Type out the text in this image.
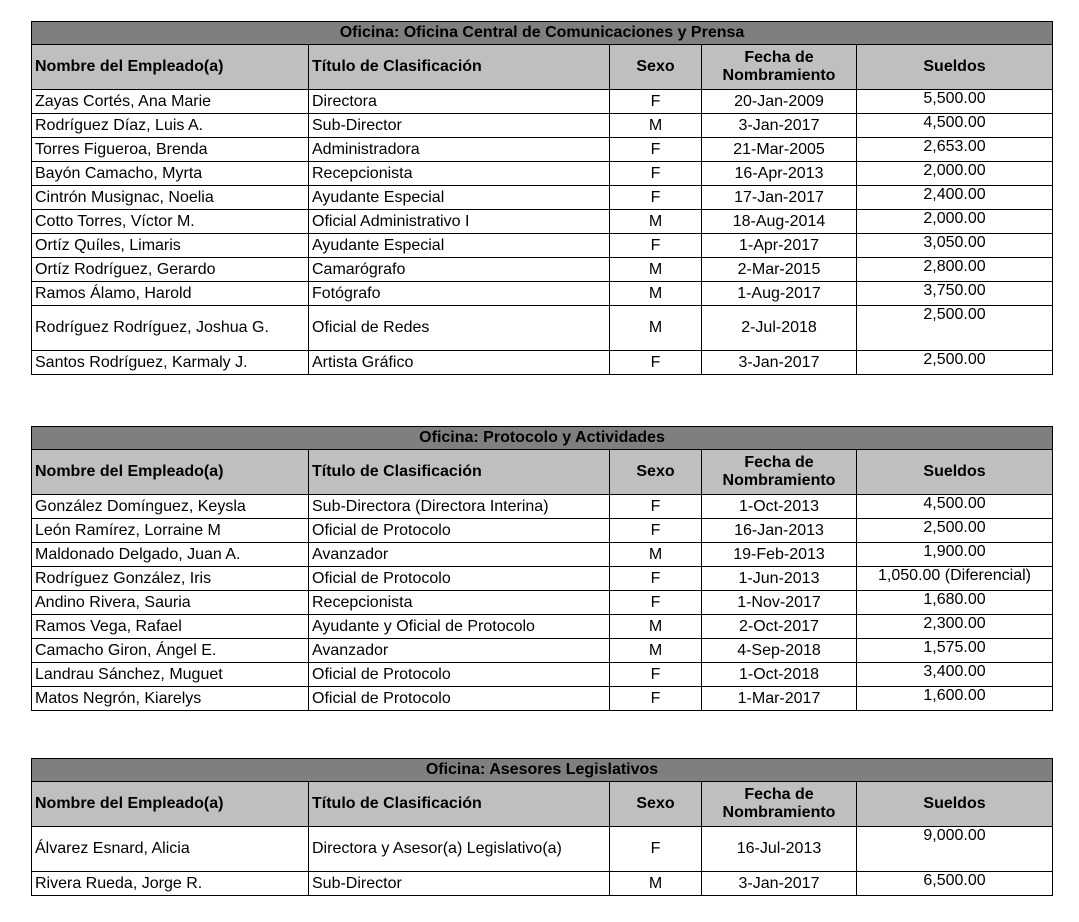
Oficina: Oficina Central de Comunicaciones y Prensa				
Nombre del Empleado(a)	Título de Clasificación	Sexo	Fecha de
Nombramiento	Sueldos
Zayas Cortés, Ana Marie	Directora	F	20-Jan-2009	5,500.00
Rodríguez Díaz, Luis A.	Sub-Director	M	3-Jan-2017	4,500.00
Torres Figueroa, Brenda	Administradora	F	21-Mar-2005	2,653.00
Bayón Camacho, Myrta	Recepcionista	F	16-Apr-2013	2,000.00
Cintrón Musignac, Noelia	Ayudante Especial	F	17-Jan-2017	2,400.00
Cotto Torres, Víctor M.	Oficial Administrativo I	M	18-Aug-2014	2,000.00
Ortíz Quíles, Limaris	Ayudante Especial	F	1-Apr-2017	3,050.00
Ortíz Rodríguez, Gerardo	Camarógrafo	M	2-Mar-2015	2,800.00
Ramos Álamo, Harold	Fotógrafo	M	1-Aug-2017	3,750.00
Rodríguez Rodríguez, Joshua G.	Oficial de Redes	M	2-Jul-2018	2,500.00
Santos Rodríguez, Karmaly J.	Artista Gráfico	F	3-Jan-2017	2,500.00
Oficina: Protocolo y Actividades				
Nombre del Empleado(a)	Título de Clasificación	Sexo	Fecha de
Nombramiento	Sueldos
González Domínguez, Keysla	Sub-Directora (Directora Interina)	F	1-Oct-2013	4,500.00
León Ramírez, Lorraine M	Oficial de Protocolo	F	16-Jan-2013	2,500.00
Maldonado Delgado, Juan A.	Avanzador	M	19-Feb-2013	1,900.00
Rodríguez González, Iris	Oficial de Protocolo	F	1-Jun-2013	1,050.00 (Diferencial)
Andino Rivera, Sauria	Recepcionista	F	1-Nov-2017	1,680.00
Ramos Vega, Rafael	Ayudante y Oficial de Protocolo	M	2-Oct-2017	2,300.00
Camacho Giron, Ángel E.	Avanzador	M	4-Sep-2018	1,575.00
Landrau Sánchez, Muguet	Oficial de Protocolo	F	1-Oct-2018	3,400.00
Matos Negrón, Kiarelys	Oficial de Protocolo	F	1-Mar-2017	1,600.00
Oficina: Asesores Legislativos				
Nombre del Empleado(a)	Título de Clasificación	Sexo	Fecha de
Nombramiento	Sueldos
Álvarez Esnard, Alicia	Directora y Asesor(a) Legislativo(a)	F	16-Jul-2013	9,000.00
Rivera Rueda, Jorge R.	Sub-Director	M	3-Jan-2017	6,500.00
